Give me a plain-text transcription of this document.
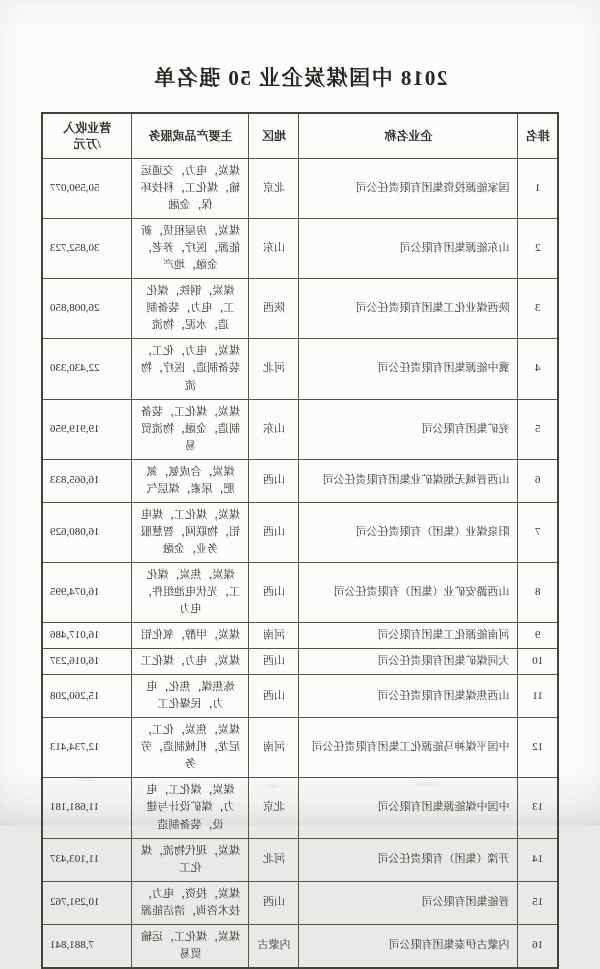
2018 中国煤炭企业 50 强名单
排名	企业名称	地区	主要产品或服务	营业收入
/万元
1	国家能源投资集团有限责任公司	北京	煤炭，电力，交通运输，煤化工，科技环保，金融	50,590,077
2	山东能源集团有限公司	山东	煤炭，房屋租赁，新能源，医疗，养老，金融，地产	30,852,723
3	陕西煤业化工集团有限责任公司	陕西	煤炭，钢铁，煤化工，电力，装备制造，水泥，物流	26,008,850
4	冀中能源集团有限责任公司	河北	煤炭，电力，化工，装备制造，医疗，物流	22,430,330
5	兖矿集团有限公司	山东	煤炭，煤化工，装备制造，金融，物流贸易	19,919,956
6	山西晋城无烟煤矿业集团有限责任公司	山西	煤炭，合成氨，氮肥，尿素，煤层气	16,665,833
7	阳泉煤业（集团）有限责任公司	山西	煤炭，煤化工，煤电铝，物联网，智慧服务业，金融	16,080,629
8	山西潞安矿业（集团）有限责任公司	山西	煤炭，焦炭，煤化工，光伏电池组件，电力	16,074,995
9	河南能源化工集团有限公司	河南	煤炭，甲醇，氧化铝	16,017,486
10	大同煤矿集团有限责任公司	山西	煤炭，电力，煤化工	16,016,237
11	山西焦煤集团有限责任公司	山西	炼焦煤，焦化，电力，民爆化工	15,260,208
12	中国平煤神马能源化工集团有限责任公司	河南	煤炭，焦炭，化工，尼龙，机械制造，劳务	12,734,413
13	中国中煤能源集团有限公司	北京	煤炭，煤化工，电力，煤矿设计与建设，装备制造	11,681,181
14	开滦（集团）有限责任公司	河北	煤炭，现代物流，煤化工	11,103,437
15	晋能集团有限公司	山西	煤炭，投资，电力，技术咨询，清洁能源	10,291,762
16	内蒙古伊泰集团有限公司	内蒙古	煤炭，煤化工，运输贸易	7,881,841
